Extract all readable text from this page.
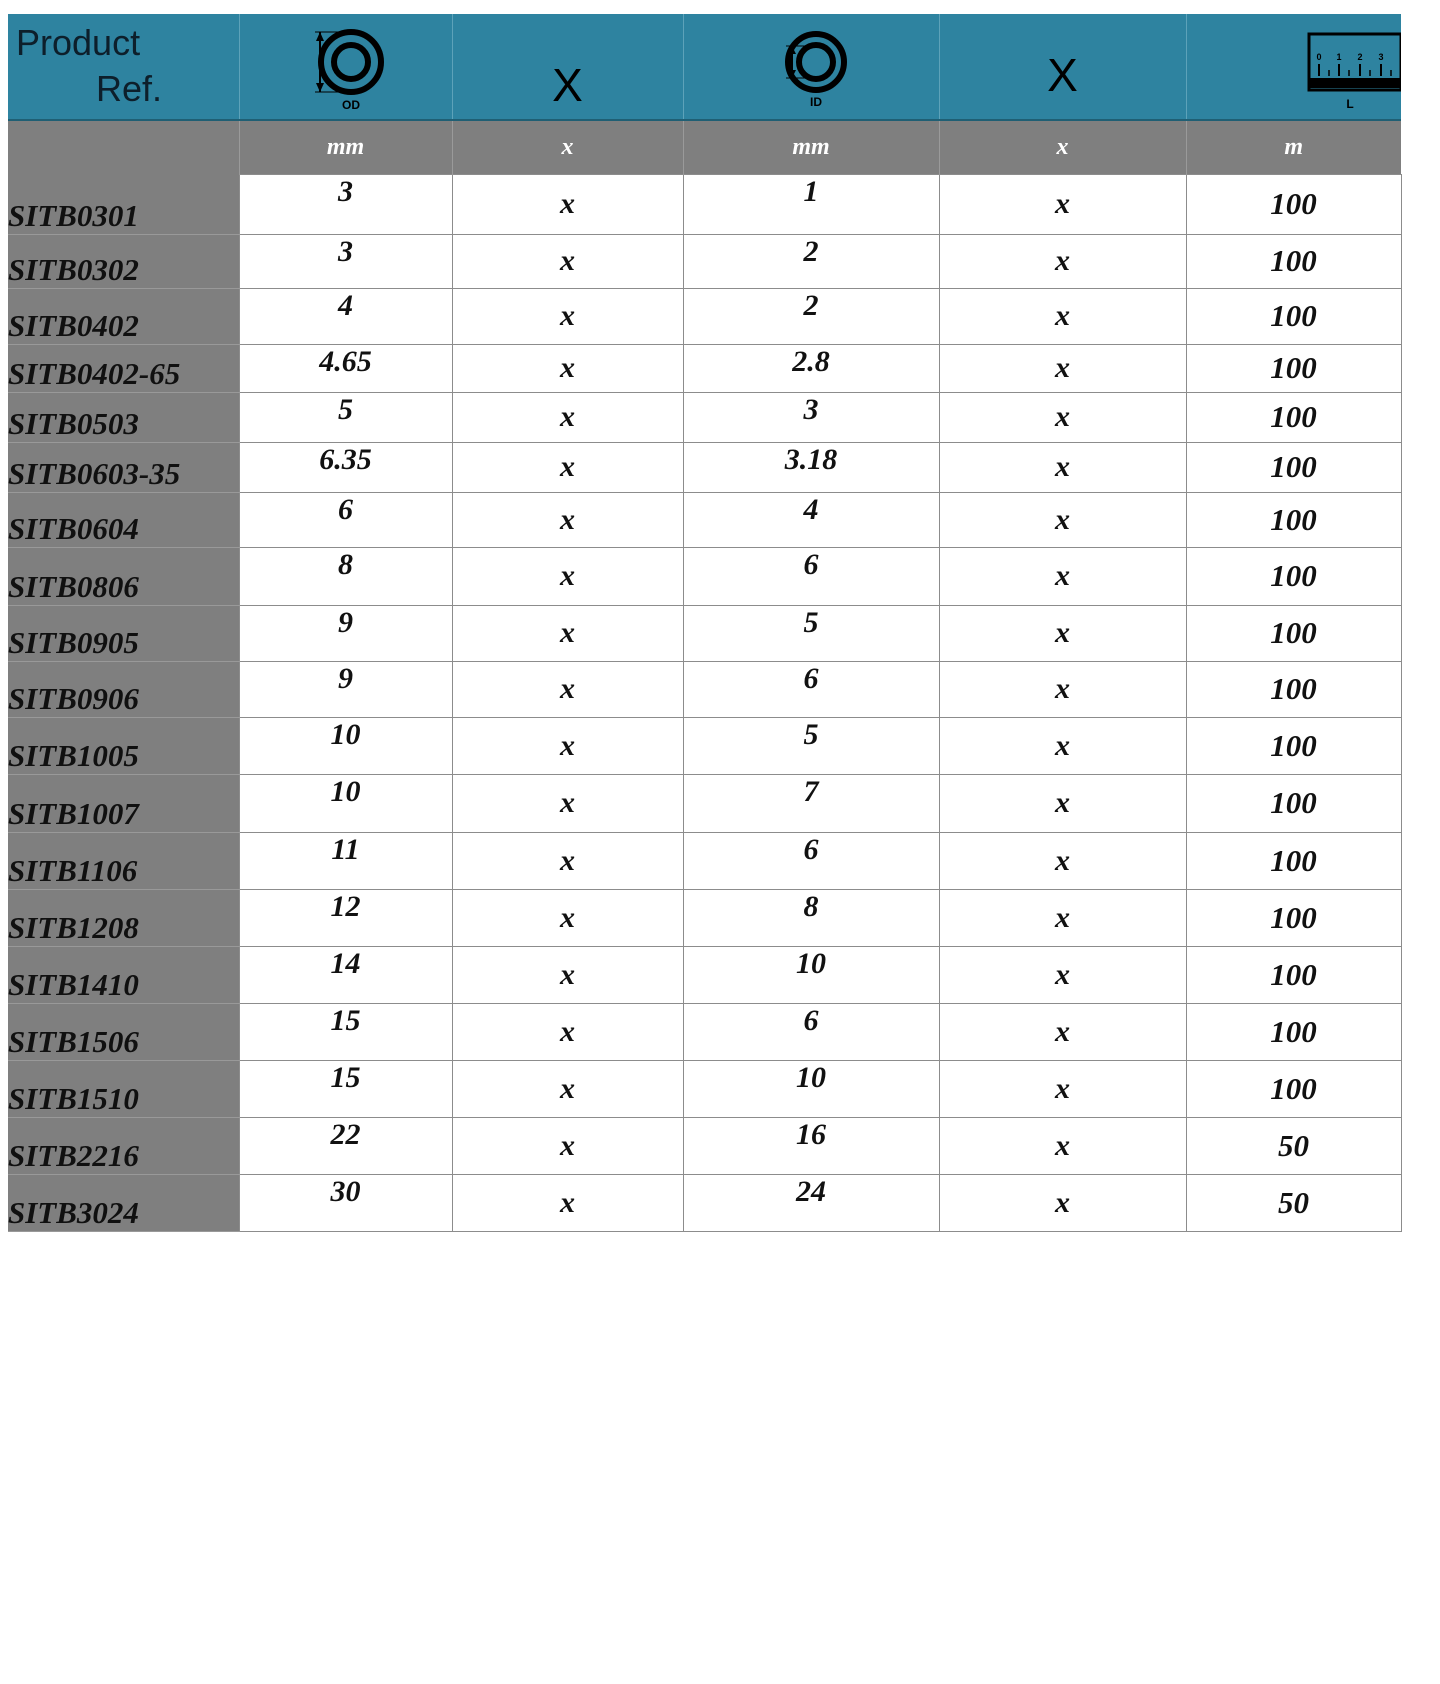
Product
Ref.	OD	X	ID	X	0 1 2 3
L

	mm	x	mm	x	m
SITB0301	3	x	1	x	100
SITB0302	3	x	2	x	100
SITB0402	4	x	2	x	100
SITB0402-65	4.65	x	2.8	x	100
SITB0503	5	x	3	x	100
SITB0603-35	6.35	x	3.18	x	100
SITB0604	6	x	4	x	100
SITB0806	8	x	6	x	100
SITB0905	9	x	5	x	100
SITB0906	9	x	6	x	100
SITB1005	10	x	5	x	100
SITB1007	10	x	7	x	100
SITB1106	11	x	6	x	100
SITB1208	12	x	8	x	100
SITB1410	14	x	10	x	100
SITB1506	15	x	6	x	100
SITB1510	15	x	10	x	100
SITB2216	22	x	16	x	50
SITB3024	30	x	24	x	50
